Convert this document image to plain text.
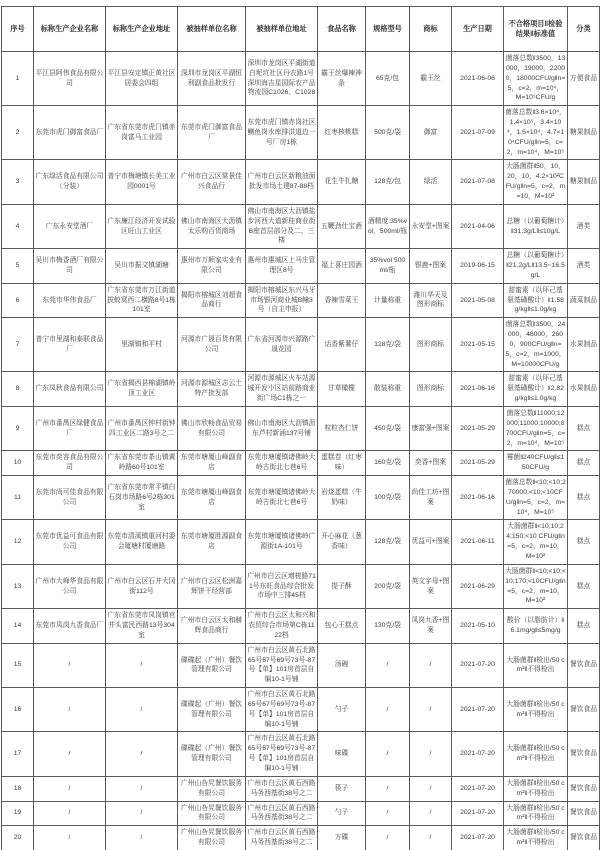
序号	标称生产企业名称	标称生产企业地址	被抽样单位名称	被抽样单位地址	食品名称	规格型号	商标	生产日期	不合格项目‖检验结果‖标准值	分类
1	平江县阿伟食品有限公司	平江县安定镇正黄社区居委会四组	深圳市龙岗区平湖恒利副食品批发行	深圳市龙岗区平湖街道白坭坑社区丹农路1号深圳海吉星国际农产品物流园C1026、C1028	霸王丝爆辣神条	65克/包	霸王丝	2021-06-06	菌落总数‖3500，13000，19000，22000，18000CFU/g‖n=5，c=2，m=10⁴，M=10⁵CFU/g	方便食品
2	东莞市虎门御富食品厂	广东省东莞市虎门镇赤岗富马工业园	东莞市虎门御富食品厂	东莞市虎门镇赤岗社区鲗鱼岗水库排洪道边一号厂房1栋	红枣核桃糕	500克/袋	御富	2021-07-09	菌落总数‖3.6×10⁴，1.4×10⁵，3.4×10⁴，1.5×10⁴，4.7×10⁴CFU/g‖n=5，c=2，m=10⁴，M=10⁵	糖果制品
3	广东绿活食品有限公司（分装）	普宁市梅塘镇长美工业园0001号	广州市白云区棠景佳兴食品行	广州市白云区新粮油面批发市场土建87-88档	花生牛扎糖	128克/包	绿活	2021-07-08	大肠菌群‖50，10，20，10，4.2×10²CFU/g‖n=5，c=2，m=10，M=10²	糖果制品
4	广东永安堂酒厂	广东廉江经济开发试验区旺山工业区	佛山市南海区大沥镇太乐购百货商场	佛山市南海区大沥镇盐步河西大道新桂商业街B座首层部分及二、三楼	五鞭劲仕宝酒	酒精度:35%vol，500ml/瓶	永安堂+图案	2021-04-06	总糖（以葡萄糖计）‖31.3g/L‖≤10g/L	酒类
5	吴川市梅香酒厂有限公司	吴川市振文镇湖塘	惠州市万顺家实业有限公司	惠州市惠城区上马庄管理区8号	福上喜庄园酒	35%vol 500ml/瓶	银鹿+图案	2019-06-15	总糖（以葡萄糖计）‖21.2g/L‖13.5~16.5g/L	酒类
6	东莞市华伟食品厂	广东省东莞市万江街道拔蛟窝西二横路8号1栋101室	揭阳市榕城区刘超食品商行	揭阳市榕城区东兴马牙市场银河商业城B幢3号（自主申报）	香辣雪菜王	计量称重	潍川华天及图形商标	2021-05-08	甜蜜素（以环己基氨基磺酸计）‖1.58g/kg‖≤1.0g/kg	蔬菜制品
7	普宁市里湖和泰联食品厂	里湖镇和平村	河源市广晟百货有限公司	广东省河源市兴源路广晟花园	话香紫薯仔	128克/袋	图形商标	2021-05-15	菌落总数‖3500，24000，48000，2600，900CFU/g‖n=5，c=2，m=1000，M=10000CFU/g	水果制品
8	广东凤秋食品有限公司	广东省揭西县棉湖镇岭顶工业区	河源市源城区志云土特产批发部	河源市源城区火车站源城开发小区站前路商业街广场C1栋之一	甘草橄榄	散装称重	图形商标	2021-06-16	甜蜜素（以环己基氨基磺酸计）‖2.82g/kg‖≤1.0g/kg	水果制品
9	广州市番禺区绿健食品厂	广州市番禺区钟村街钟四工业区二路3号之二	佛山市欣畅食品贸易有限公司	佛山市南海区大沥镇沥东芦村新涌137号铺	粒粒杏仁饼	450克/袋	康富强+图案	2021-05-29	菌落总数‖11000;12000;11000;10000;8700CFU/g‖n=5，c=2，m=10⁴，M=10⁵	糕点
10	东莞市奕容食品有限公司	广东省东莞市茶山镇黄岭路60号101室	东莞市塘厦山峰副食店	东莞市塘厦镇诸佛岭大岭古街北七巷6号	蛋糕卷（红枣味）	160克/袋	奕香+图案	2021-05-29	霉菌‖240CFU/g‖≤150CFU/g	糕点
11	东莞市尚可佳食品有限公司	广东省东莞市常平镇白石岗市场路6号2栋301室	东莞市塘厦山峰副食店	东莞市塘厦镇诸佛岭大岭古街北七巷6号	岩烧蛋糕（牛奶味）	100克/袋	尚佳工坊+图案	2021-06-16	菌落总数‖<10;<10;270000;<10;<10CFU/g‖n=5，c=2，m=10⁴，M=10⁵	糕点
12	东莞市优益可食品有限公司	东莞市清溪镇重河村委会厦塘村厦塘路	东莞市塘厦胜源副食店	东莞市塘厦镇诸佛岭广源街1A-101号	开心麻花（葱香味）	128克/袋	优益可+图案	2021-06-11	大肠菌群‖<10;10;24;150;<10 CFU/g‖n=5，c=2，m=10，M=10²	糕点
13	广州市大峰华食品有限公司	广州市白云区石井大冈街112号	广州市白云区松洲嘉辉饼干经营部	广州市白云区增槎路711号东旺食品综合批发市场中三排45档	提子酥	200克/袋	英文字母+图案	2021-06-29	大肠菌群‖<10;<10;<10;170;<10CFU/g‖n=5，c=2，m=10，M=10²	糕点
14	东莞市凤岗九香食品厂	广东省东莞市凤岗镇官井头富民西路13号304室	广州市白云区太和赫辉食品商行	广州市白云区太和兴和农贸综合市场第C栋1122档	包心王糕点	130克/袋	凤岗九香+图案	2021-05-10	酸价（以脂肪计）‖6.1mg/g‖≤5mg/g	糕点
15	/	/	碟碟起（广州）餐饮管理有限公司	广州市白云区黄石北路65号67号69号73号-87号【单】101房首层自编10-1号铺	汤碗	/	/	2021-07-20	大肠菌群‖检出/50 cm²‖不得检出	餐饮食品
16	/	/	碟碟起（广州）餐饮管理有限公司	广州市白云区黄石北路65号67号69号73号-87号【单】101房首层自编10-1号铺	勺子	/	/	2021-07-20	大肠菌群‖检出/50 cm²‖不得检出	餐饮食品
17	/	/	碟碟起（广州）餐饮管理有限公司	广州市白云区黄石北路65号67号69号73号-87号【单】101房首层自编10-1号铺	味碟	/	/	2021-07-20	大肠菌群‖检出/50 cm²‖不得检出	餐饮食品
18	/	/	广州山旮旯餐饮服务有限公司	广州市白云区黄石西路马务西基街38号之二	筷子	/	/	2021-07-20	大肠菌群‖检出/50 cm²‖不得检出	餐饮食品
19	/	/	广州山旮旯餐饮服务有限公司	广州市白云区黄石西路马务西基街38号之二	勺子	/	/	2021-07-20	大肠菌群‖检出/50 cm²‖不得检出	餐饮食品
20	/	/	广州山旮旯餐饮服务有限公司	广州市白云区黄石西路马务西基街38号之二	方碟	/	/	2021-07-20	大肠菌群‖检出/50 cm²‖不得检出	餐饮食品
